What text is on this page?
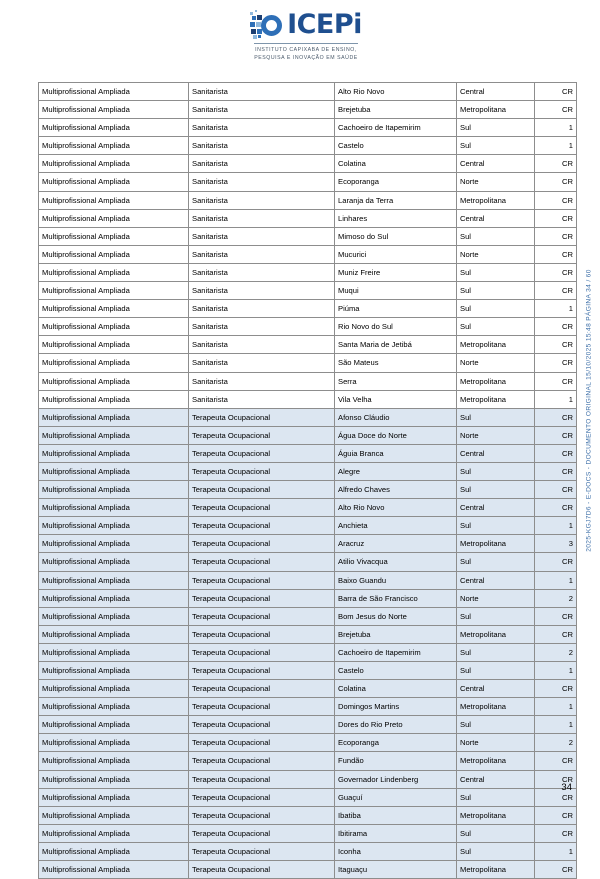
ICEPi
INSTITUTO CAPIXABA DE ENSINO,
PESQUISA E INOVAÇÃO EM SAÚDE
Multiprofissional Ampliada	Sanitarista	Alto Rio Novo	Central	CR
Multiprofissional Ampliada	Sanitarista	Brejetuba	Metropolitana	CR
Multiprofissional Ampliada	Sanitarista	Cachoeiro de Itapemirim	Sul	1
Multiprofissional Ampliada	Sanitarista	Castelo	Sul	1
Multiprofissional Ampliada	Sanitarista	Colatina	Central	CR
Multiprofissional Ampliada	Sanitarista	Ecoporanga	Norte	CR
Multiprofissional Ampliada	Sanitarista	Laranja da Terra	Metropolitana	CR
Multiprofissional Ampliada	Sanitarista	Linhares	Central	CR
Multiprofissional Ampliada	Sanitarista	Mimoso do Sul	Sul	CR
Multiprofissional Ampliada	Sanitarista	Mucurici	Norte	CR
Multiprofissional Ampliada	Sanitarista	Muniz Freire	Sul	CR
Multiprofissional Ampliada	Sanitarista	Muqui	Sul	CR
Multiprofissional Ampliada	Sanitarista	Piúma	Sul	1
Multiprofissional Ampliada	Sanitarista	Rio Novo do Sul	Sul	CR
Multiprofissional Ampliada	Sanitarista	Santa Maria de Jetibá	Metropolitana	CR
Multiprofissional Ampliada	Sanitarista	São Mateus	Norte	CR
Multiprofissional Ampliada	Sanitarista	Serra	Metropolitana	CR
Multiprofissional Ampliada	Sanitarista	Vila Velha	Metropolitana	1
Multiprofissional Ampliada	Terapeuta Ocupacional	Afonso Cláudio	Sul	CR
Multiprofissional Ampliada	Terapeuta Ocupacional	Água Doce do Norte	Norte	CR
Multiprofissional Ampliada	Terapeuta Ocupacional	Águia Branca	Central	CR
Multiprofissional Ampliada	Terapeuta Ocupacional	Alegre	Sul	CR
Multiprofissional Ampliada	Terapeuta Ocupacional	Alfredo Chaves	Sul	CR
Multiprofissional Ampliada	Terapeuta Ocupacional	Alto Rio Novo	Central	CR
Multiprofissional Ampliada	Terapeuta Ocupacional	Anchieta	Sul	1
Multiprofissional Ampliada	Terapeuta Ocupacional	Aracruz	Metropolitana	3
Multiprofissional Ampliada	Terapeuta Ocupacional	Atilio Vivacqua	Sul	CR
Multiprofissional Ampliada	Terapeuta Ocupacional	Baixo Guandu	Central	1
Multiprofissional Ampliada	Terapeuta Ocupacional	Barra de São Francisco	Norte	2
Multiprofissional Ampliada	Terapeuta Ocupacional	Bom Jesus do Norte	Sul	CR
Multiprofissional Ampliada	Terapeuta Ocupacional	Brejetuba	Metropolitana	CR
Multiprofissional Ampliada	Terapeuta Ocupacional	Cachoeiro de Itapemirim	Sul	2
Multiprofissional Ampliada	Terapeuta Ocupacional	Castelo	Sul	1
Multiprofissional Ampliada	Terapeuta Ocupacional	Colatina	Central	CR
Multiprofissional Ampliada	Terapeuta Ocupacional	Domingos Martins	Metropolitana	1
Multiprofissional Ampliada	Terapeuta Ocupacional	Dores do Rio Preto	Sul	1
Multiprofissional Ampliada	Terapeuta Ocupacional	Ecoporanga	Norte	2
Multiprofissional Ampliada	Terapeuta Ocupacional	Fundão	Metropolitana	CR
Multiprofissional Ampliada	Terapeuta Ocupacional	Governador Lindenberg	Central	CR
Multiprofissional Ampliada	Terapeuta Ocupacional	Guaçuí	Sul	CR
Multiprofissional Ampliada	Terapeuta Ocupacional	Ibatiba	Metropolitana	CR
Multiprofissional Ampliada	Terapeuta Ocupacional	Ibitirama	Sul	CR
Multiprofissional Ampliada	Terapeuta Ocupacional	Iconha	Sul	1
Multiprofissional Ampliada	Terapeuta Ocupacional	Itaguaçu	Metropolitana	CR
2025-KGJ7D6 - E-DOCS - DOCUMENTO ORIGINAL 15/10/2025 15:48 PÁGINA 34 / 60
34
